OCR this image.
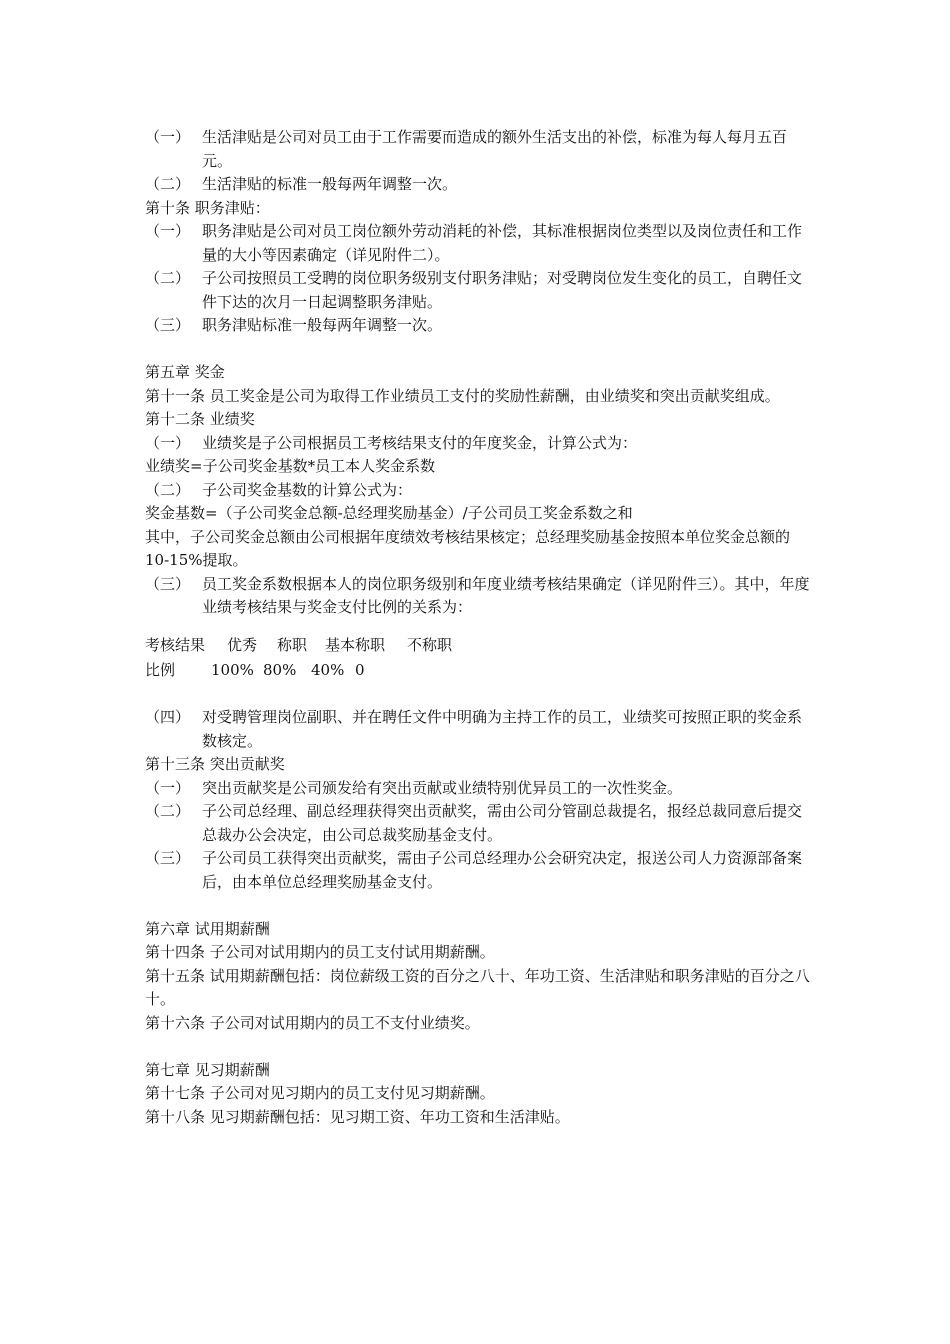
（一） 生活津贴是公司对员工由于工作需要而造成的额外生活支出的补偿，标准为每人每月五百元。
（二） 生活津贴的标准一般每两年调整一次。

第十条 职务津贴：

（一） 职务津贴是公司对员工岗位额外劳动消耗的补偿，其标准根据岗位类型以及岗位责任和工作量的大小等因素确定（详见附件二）。
（二） 子公司按照员工受聘的岗位职务级别支付职务津贴；对受聘岗位发生变化的员工，自聘任文件下达的次月一日起调整职务津贴。
（三） 职务津贴标准一般每两年调整一次。

第五章 奖金

第十一条 员工奖金是公司为取得工作业绩员工支付的奖励性薪酬，由业绩奖和突出贡献奖组成。

第十二条 业绩奖

（一） 业绩奖是子公司根据员工考核结果支付的年度奖金，计算公式为：

业绩奖=子公司奖金基数*员工本人奖金系数

（二） 子公司奖金基数的计算公式为：

奖金基数=（子公司奖金总额-总经理奖励基金）/子公司员工奖金系数之和

其中，子公司奖金总额由公司根据年度绩效考核结果核定；总经理奖励基金按照本单位奖金总额的 10-15%提取。

（三） 员工奖金系数根据本人的岗位职务级别和年度业绩考核结果确定（详见附件三）。其中，年度业绩考核结果与奖金支付比例的关系为：
考核结果	优秀	称职	基本称职	不称职
比例	100%	80%	40%	0
（四） 对受聘管理岗位副职、并在聘任文件中明确为主持工作的员工，业绩奖可按照正职的奖金系数核定。

第十三条 突出贡献奖

（一） 突出贡献奖是公司颁发给有突出贡献或业绩特别优异员工的一次性奖金。
（二） 子公司总经理、副总经理获得突出贡献奖，需由公司分管副总裁提名，报经总裁同意后提交总裁办公会决定，由公司总裁奖励基金支付。
（三） 子公司员工获得突出贡献奖，需由子公司总经理办公会研究决定，报送公司人力资源部备案后，由本单位总经理奖励基金支付。

第六章 试用期薪酬

第十四条 子公司对试用期内的员工支付试用期薪酬。

第十五条 试用期薪酬包括：岗位薪级工资的百分之八十、年功工资、生活津贴和职务津贴的百分之八十。

第十六条 子公司对试用期内的员工不支付业绩奖。

第七章 见习期薪酬

第十七条 子公司对见习期内的员工支付见习期薪酬。

第十八条 见习期薪酬包括：见习期工资、年功工资和生活津贴。
